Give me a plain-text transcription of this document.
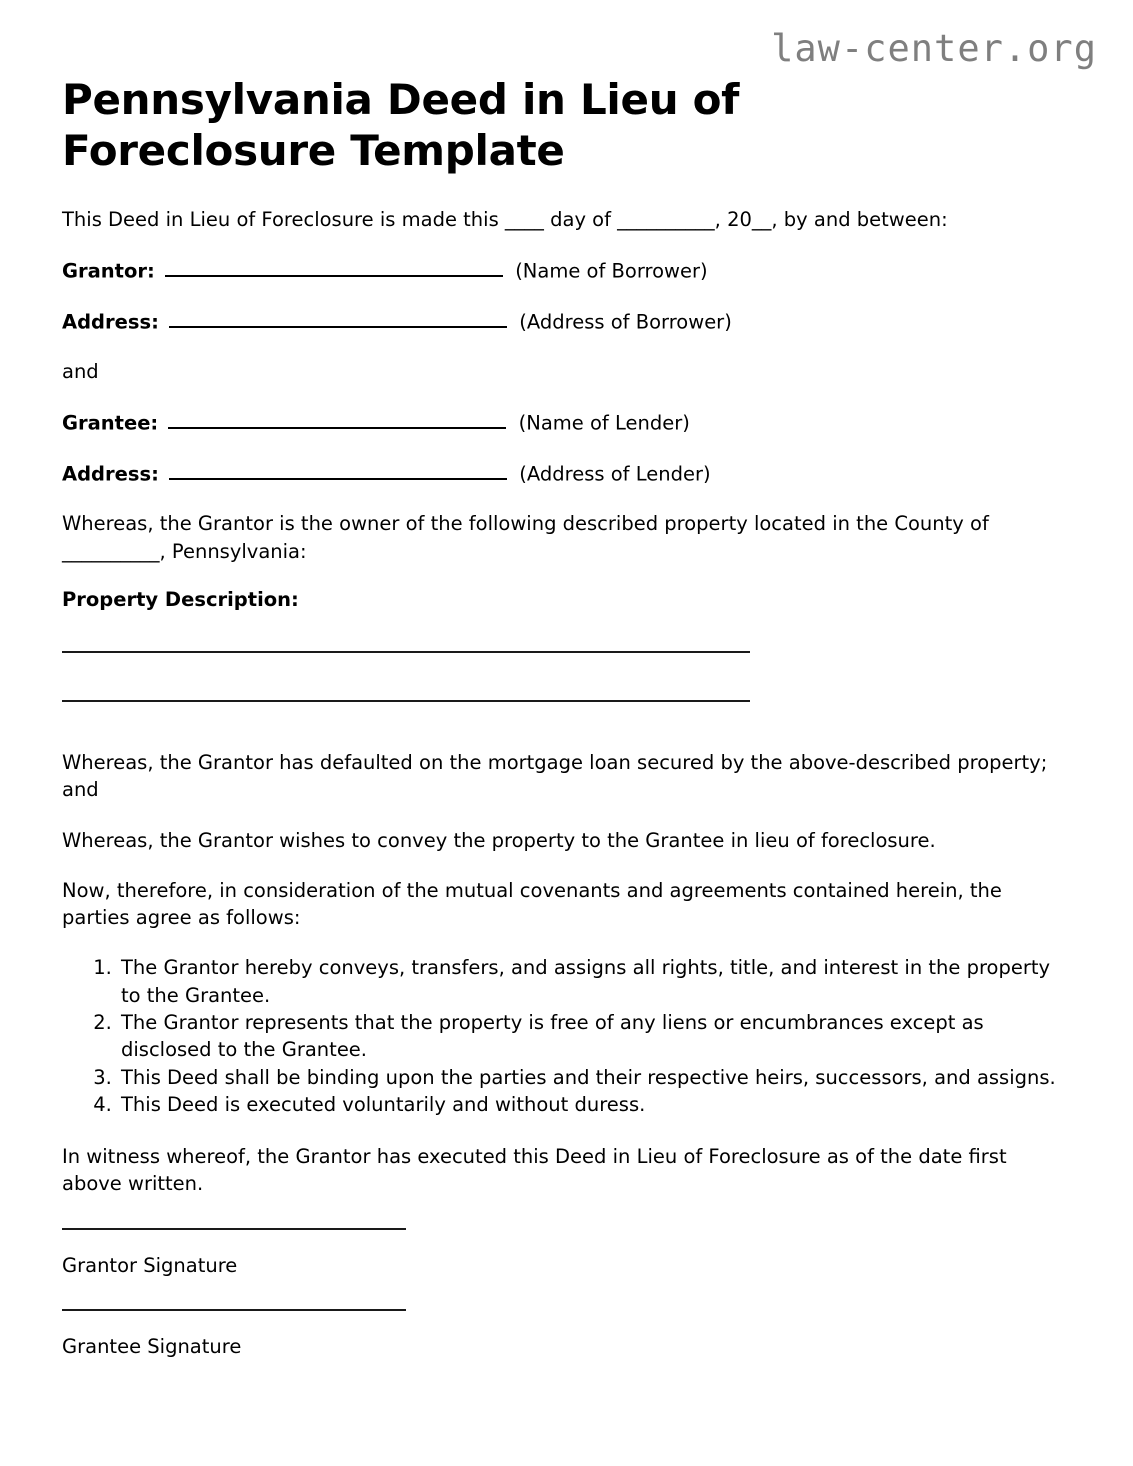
law-center.org
Pennsylvania Deed in Lieu of Foreclosure Template

This Deed in Lieu of Foreclosure is made this ____ day of __________, 20__, by and between:

Grantor:	(Name of Borrower)
Address:	(Address of Borrower)

and

Grantee:	(Name of Lender)
Address:	(Address of Lender)

Whereas, the Grantor is the owner of the following described property located in the County of __________, Pennsylvania:

Property Description:

Whereas, the Grantor has defaulted on the mortgage loan secured by the above-described property; and

Whereas, the Grantor wishes to convey the property to the Grantee in lieu of foreclosure.

Now, therefore, in consideration of the mutual covenants and agreements contained herein, the parties agree as follows:

1. The Grantor hereby conveys, transfers, and assigns all rights, title, and interest in the property to the Grantee.
2. The Grantor represents that the property is free of any liens or encumbrances except as disclosed to the Grantee.
3. This Deed shall be binding upon the parties and their respective heirs, successors, and assigns.
4. This Deed is executed voluntarily and without duress.

In witness whereof, the Grantor has executed this Deed in Lieu of Foreclosure as of the date first above written.

Grantor Signature

Grantee Signature
